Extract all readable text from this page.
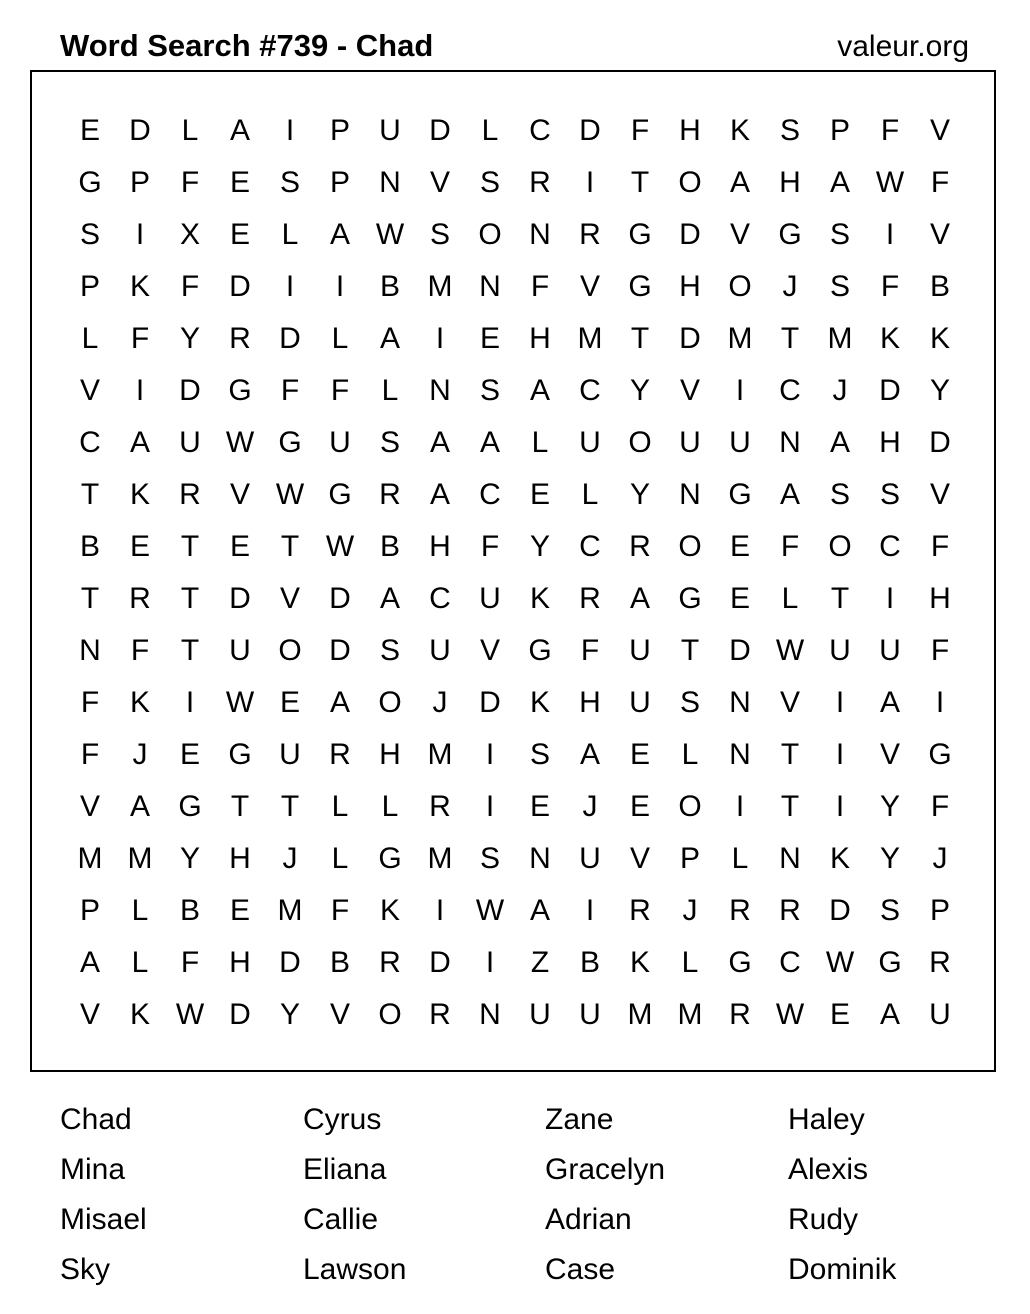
Word Search #739 - Chad	valeur.org
E D	L	A	I	P U D	L	C D	F	H K S P	F	V
G P	F	E S P N V S R	I	T O A H A W F
S	I	X E	L	A W S O N R G D V G S	I	V
P K	F	D	I	I	B M N	F	V G H O	J	S	F	B
L	F	Y R D	L	A	I	E H M T	D M T M K K
V	I	D G F	F	L	N S A C Y V	I	C	J	D Y
C A U W G U S A A	L	U O U U N A H D
T	K R V W G R A C E	L	Y N G A S S V
B E	T	E	T W B H	F	Y C R O E	F O C	F
T	R	T	D V D A C U K R A G E	L	T	I	H
N	F	T	U O D S U V G F	U	T	D W U U	F
F	K	I	W E A O	J	D K H U S N V	I	A	I
F	J	E G U R H M	I	S A E	L	N	T	I	V G
V A G T	T	L	L	R	I	E	J	E O	I	T	I	Y	F
M M Y H	J	L G M S N U V P	L	N K Y	J
P	L	B E M F	K	I	W A	I	R	J	R R D S P
A	L	F	H D B R D	I	Z	B K	L G C W G R
V K W D Y V O R N U U M M R W E A U
Chad	Cyrus	Zane	Haley
Mina	Eliana	Gracelyn	Alexis
Misael	Callie	Adrian	Rudy
Sky	Lawson	Case	Dominik
